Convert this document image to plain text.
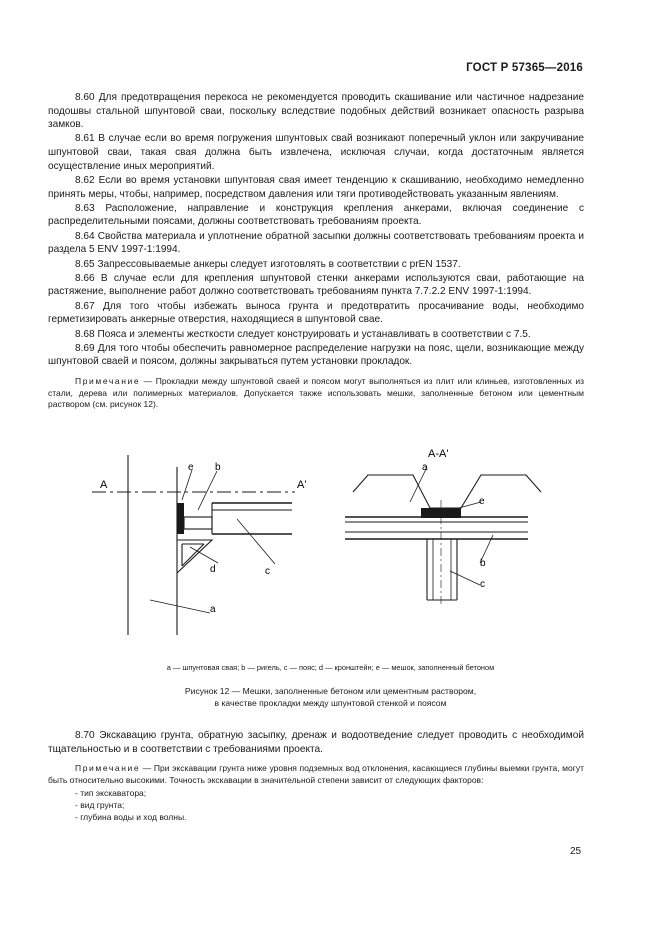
ГОСТ Р 57365—2016

8.60 Для предотвращения перекоса не рекомендуется проводить скашивание или частичное надрезание подошвы стальной шпунтовой сваи, поскольку вследствие подобных действий возникает опасность разрыва замков.

8.61 В случае если во время погружения шпунтовых свай возникают поперечный уклон или закручивание шпунтовой сваи, такая свая должна быть извлечена, исключая случаи, когда достаточным является осуществление иных мероприятий.

8.62 Если во время установки шпунтовая свая имеет тенденцию к скашиванию, необходимо немедленно принять меры, чтобы, например, посредством давления или тяги противодействовать указанным явлениям.

8.63 Расположение, направление и конструкция крепления анкерами, включая соединение с распределительными поясами, должны соответствовать требованиям проекта.

8.64 Свойства материала и уплотнение обратной засыпки должны соответствовать требованиям проекта и раздела 5 ENV 1997-1:1994.

8.65 Запрессовываемые анкеры следует изготовлять в соответствии с prEN 1537.

8.66 В случае если для крепления шпунтовой стенки анкерами используются сваи, работающие на растяжение, выполнение работ должно соответствовать требованиям пункта 7.7.2.2 ENV 1997-1:1994.

8.67 Для того чтобы избежать выноса грунта и предотвратить просачивание воды, необходимо герметизировать анкерные отверстия, находящиеся в шпунтовой свае.

8.68 Пояса и элементы жесткости следует конструировать и устанавливать в соответствии с 7.5.

8.69 Для того чтобы обеспечить равномерное распределение нагрузки на пояс, щели, возникающие между шпунтовой сваей и поясом, должны закрываться путем установки прокладок.

Примечание — Прокладки между шпунтовой сваей и поясом могут выполняться из плит или клиньев, изготовленных из стали, дерева или полимерных материалов. Допускается также использовать мешки, заполненные бетоном или цементным раствором (см. рисунок 12).

А	А'
e b
c
d
a
А-А'
a
e
b
c
а — шпунтовая свая; b — ригель, с — пояс; d — кронштейн; е — мешок, заполненный бетоном
Рисунок 12 — Мешки, заполненные бетоном или цементным раствором,
в качестве прокладки между шпунтовой стенкой и поясом

8.70 Экскавацию грунта, обратную засыпку, дренаж и водоотведение следует проводить с необходимой тщательностью и в соответствии с требованиями проекта.

Примечание — При экскавации грунта ниже уровня подземных вод отклонения, касающиеся глубины выемки грунта, могут быть относительно высокими. Точность экскавации в значительной степени зависит от следующих факторов:
- тип экскаватора;
- вид грунта;
- глубина воды и ход волны.
25
